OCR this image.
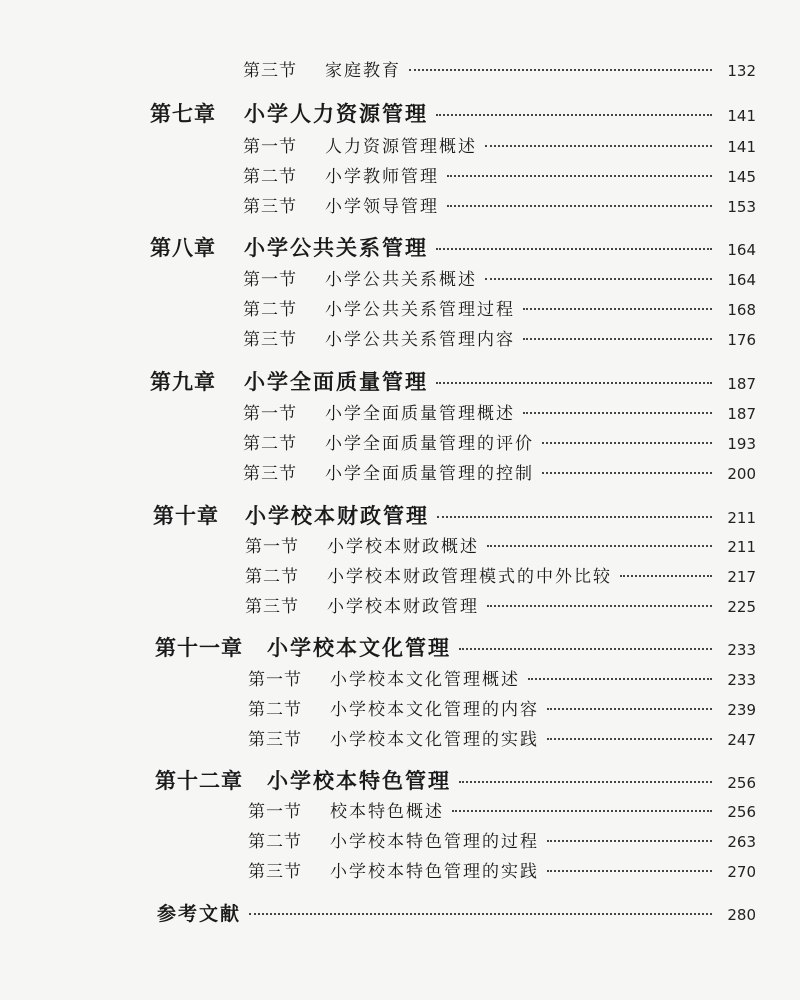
第三节	家庭教育	132
第七章	小学人力资源管理	141
第一节	人力资源管理概述	141
第二节	小学教师管理	145
第三节	小学领导管理	153
第八章	小学公共关系管理	164
第一节	小学公共关系概述	164
第二节	小学公共关系管理过程	168
第三节	小学公共关系管理内容	176
第九章	小学全面质量管理	187
第一节	小学全面质量管理概述	187
第二节	小学全面质量管理的评价	193
第三节	小学全面质量管理的控制	200
第十章	小学校本财政管理	211
第一节	小学校本财政概述	211
第二节	小学校本财政管理模式的中外比较	217
第三节	小学校本财政管理	225
第十一章	小学校本文化管理	233
第一节	小学校本文化管理概述	233
第二节	小学校本文化管理的内容	239
第三节	小学校本文化管理的实践	247
第十二章	小学校本特色管理	256
第一节	校本特色概述	256
第二节	小学校本特色管理的过程	263
第三节	小学校本特色管理的实践	270
参考文献	280
